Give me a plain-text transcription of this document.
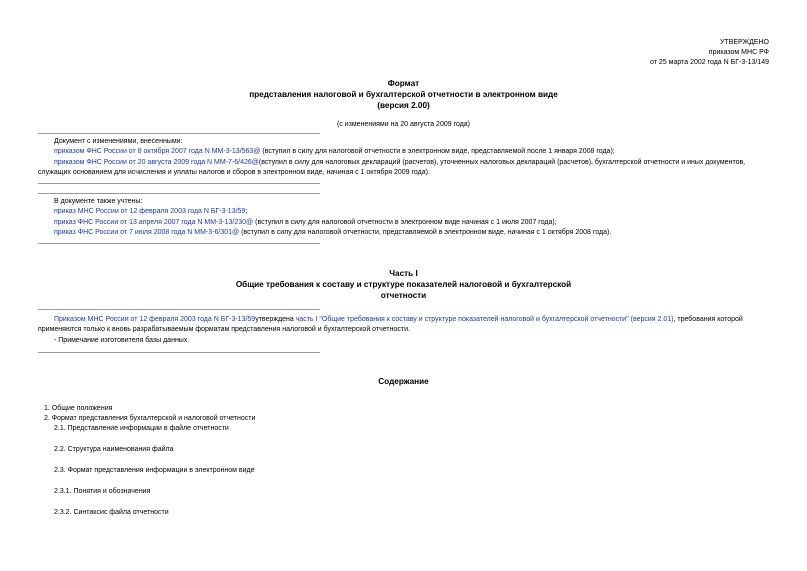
УТВЕРЖДЕНО
приказом МНС РФ
от 25 марта 2002 года N БГ-3-13/149
Формат
представления налоговой и бухгалтерской отчетности в электронном виде
(версия 2.00)
(с изменениями на 20 августа 2009 года)
Документ с изменениями, внесенными:
приказом ФНС России от 8 октября 2007 года N ММ-3-13/563@ (вступил в силу для налоговой отчетности в электронном виде, представляемой после 1 января 2008 года);
приказом ФНС России от 20 августа 2009 года N ММ-7-6/426@(вступил в силу для налоговых деклараций (расчетов), уточненных налоговых деклараций (расчетов), бухгалтерской отчетности и иных документов,
служащих основанием для исчисления и уплаты налогов и сборов в электронном виде, начиная с 1 октября 2009 года).
В документе также учтены:
приказ МНС России от 12 февраля 2003 года N БГ-3-13/59;
приказ ФНС России от 13 апреля 2007 года N ММ-3-13/230@ (вступил в силу для налоговой отчетности в электронном виде начиная с 1 июля 2007 года);
приказ ФНС России от 7 июля 2008 года N ММ-3-6/301@ (вступил в силу для налоговой отчетности, представляемой в электронном виде, начиная с 1 октября 2008 года).
Часть I
Общие требования к составу и структуре показателей налоговой и бухгалтерской
отчетности
Приказом МНС России от 12 февраля 2003 года N БГ-3-13/59утверждена часть I "Общие требования к составу и структуре показателей налоговой и бухгалтерской отчетности" (версия 2.01), требования которой
применяются только к вновь разрабатываемым форматам представления налоговой и бухгалтерской отчетности.
- Примечание изготовителя базы данных.
Содержание
1. Общие положения
2. Формат представления бухгалтерской и налоговой отчетности
2.1. Представление информации в файле отчетности
2.2. Структура наименования файла
2.3. Формат представления информации в электронном виде
2.3.1. Понятия и обозначения
2.3.2. Синтаксис файла отчетности
